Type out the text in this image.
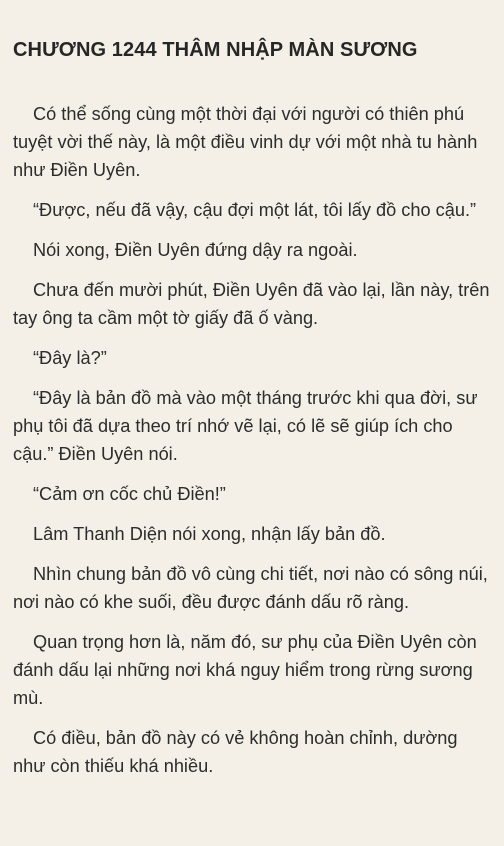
CHƯƠNG 1244 THÂM NHẬP MÀN SƯƠNG

Có thể sống cùng một thời đại với người có thiên phú tuyệt vời thế này, là một điều vinh dự với một nhà tu hành như Điền Uyên.

“Được, nếu đã vậy, cậu đợi một lát, tôi lấy đồ cho cậu.”

Nói xong, Điền Uyên đứng dậy ra ngoài.

Chưa đến mười phút, Điền Uyên đã vào lại, lần này, trên tay ông ta cầm một tờ giấy đã ố vàng.

“Đây là?”

“Đây là bản đồ mà vào một tháng trước khi qua đời, sư phụ tôi đã dựa theo trí nhớ vẽ lại, có lẽ sẽ giúp ích cho cậu.” Điền Uyên nói.

“Cảm ơn cốc chủ Điền!”

Lâm Thanh Diện nói xong, nhận lấy bản đồ.

Nhìn chung bản đồ vô cùng chi tiết, nơi nào có sông núi, nơi nào có khe suối, đều được đánh dấu rõ ràng.

Quan trọng hơn là, năm đó, sư phụ của Điền Uyên còn đánh dấu lại những nơi khá nguy hiểm trong rừng sương mù.

Có điều, bản đồ này có vẻ không hoàn chỉnh, dường như còn thiếu khá nhiều.
